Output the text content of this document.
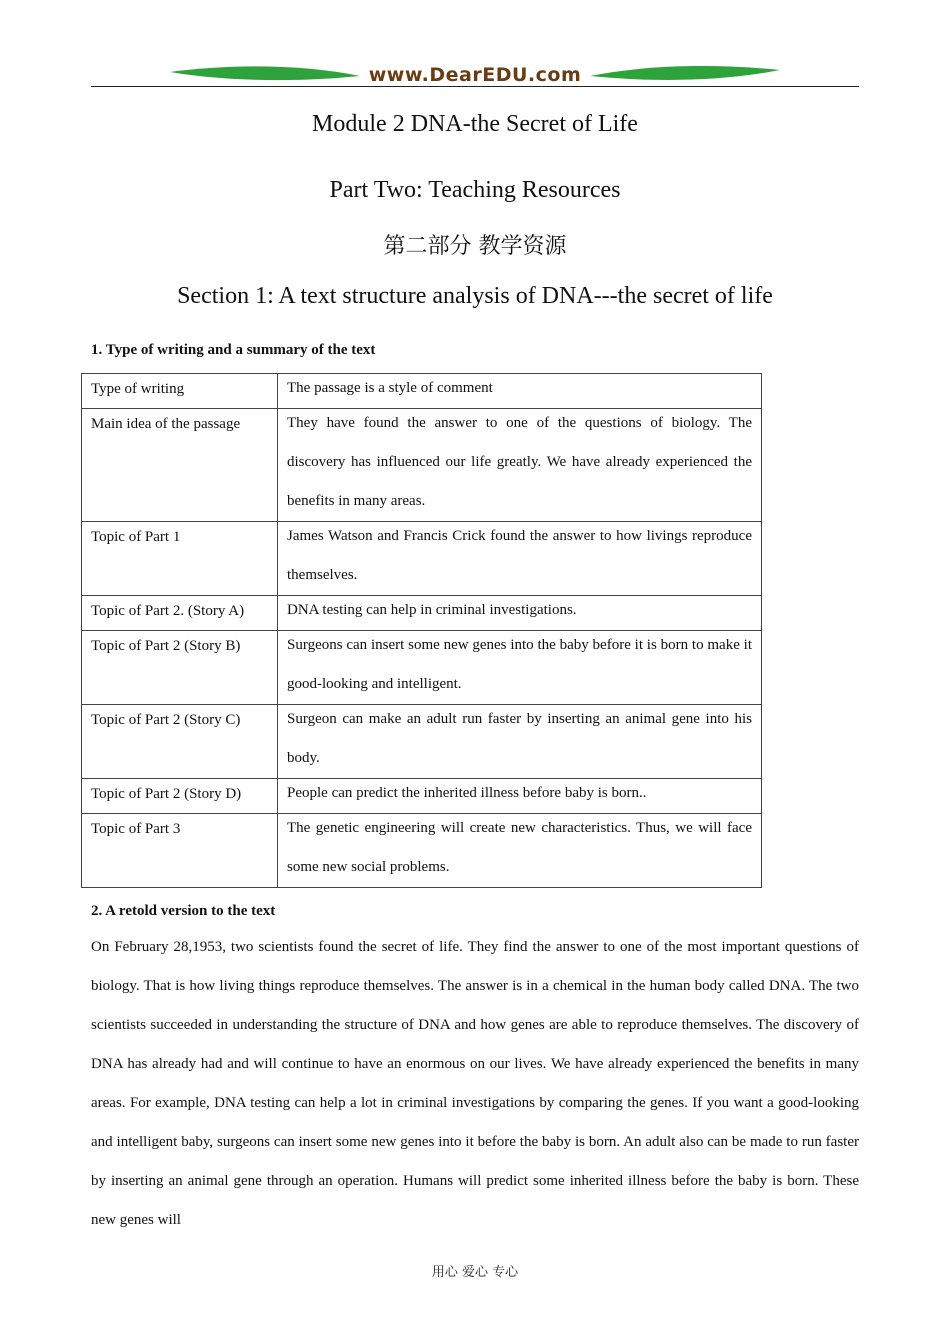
www.DearEDU.com
Module 2 DNA-the Secret of Life
Part Two: Teaching Resources
第二部分 教学资源
Section 1: A text structure analysis of DNA---the secret of life
1. Type of writing and a summary of the text
Type of writing	The passage is a style of comment

Main idea of the passage	They have found the answer to one of the questions of biology. The discovery has influenced our life greatly. We have already experienced the benefits in many areas.

Topic of Part 1	James Watson and Francis Crick found the answer to how livings reproduce themselves.

Topic of Part 2. (Story A)	DNA testing can help in criminal investigations.

Topic of Part 2 (Story B)	Surgeons can insert some new genes into the baby before it is born to make it good-looking and intelligent.

Topic of Part 2 (Story C)	Surgeon can make an adult run faster by inserting an animal gene into his body.

Topic of Part 2 (Story D)	People can predict the inherited illness before baby is born..

Topic of Part 3	The genetic engineering will create new characteristics. Thus, we will face some new social problems.
2. A retold version to the text

On February 28,1953, two scientists found the secret of life. They find the answer to one of the most important questions of biology. That is how living things reproduce themselves. The answer is in a chemical in the human body called DNA. The two scientists succeeded in understanding the structure of DNA and how genes are able to reproduce themselves. The discovery of DNA has already had and will continue to have an enormous on our lives. We have already experienced the benefits in many areas. For example, DNA testing can help a lot in criminal investigations by comparing the genes. If you want a good-looking and intelligent baby, surgeons can insert some new genes into it before the baby is born. An adult also can be made to run faster by inserting an animal gene through an operation. Humans will predict some inherited illness before the baby is born. These new genes will

用心 爱心 专心
